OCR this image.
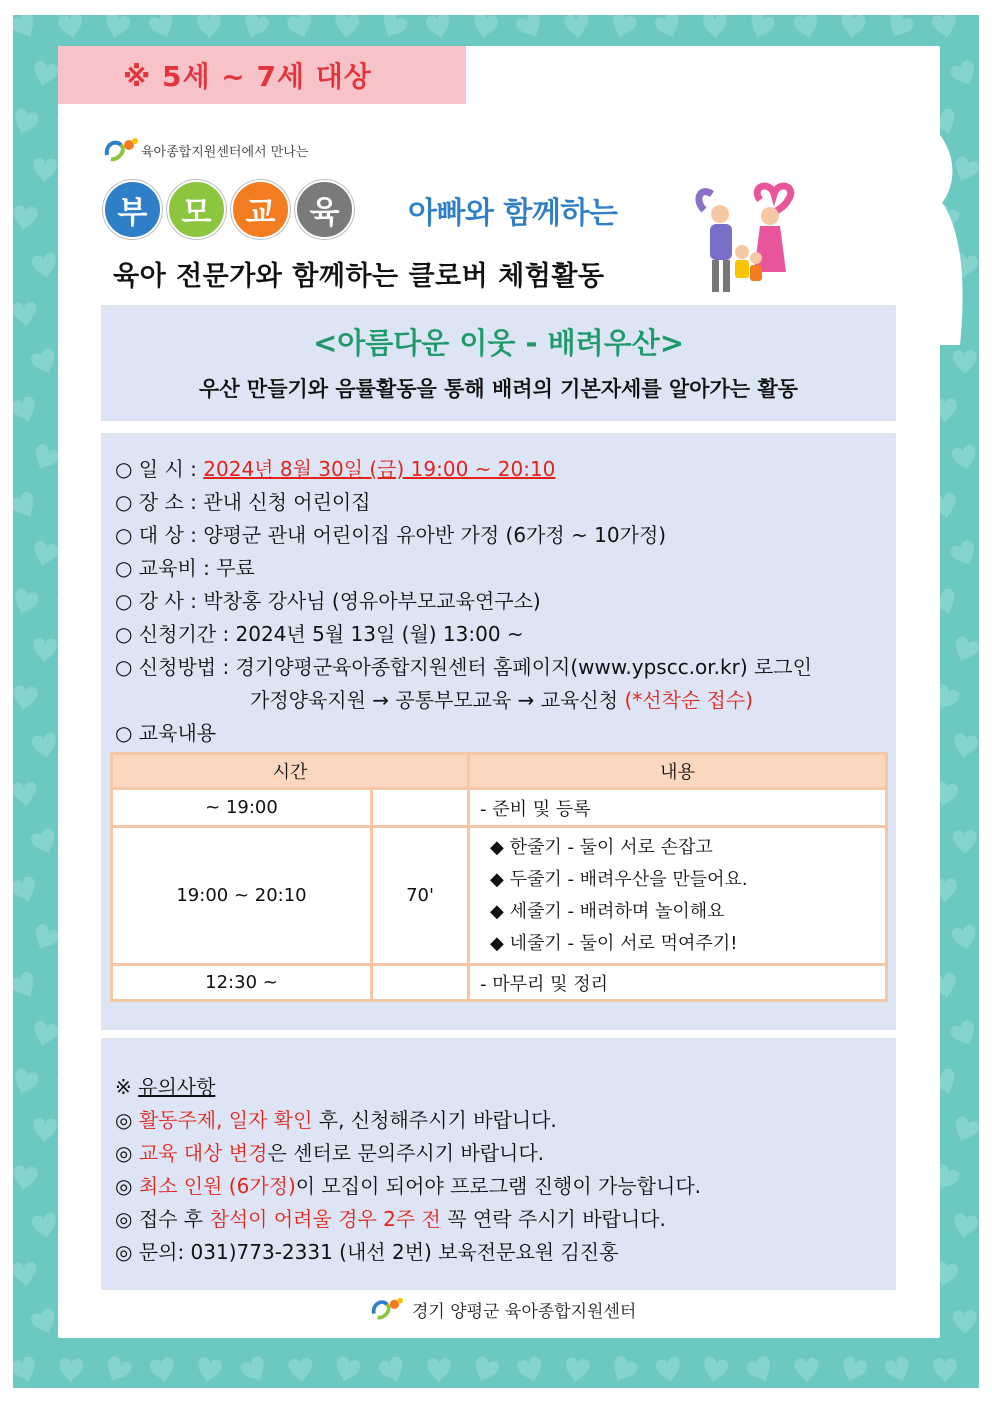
※ 5세 ~ 7세 대상
육아종합지원센터에서 만나는
부	모	교	육	아빠와 함께하는
육아 전문가와 함께하는 클로버 체험활동
<아름다운 이웃 - 배려우산>
우산 만들기와 음률활동을 통해 배려의 기본자세를 알아가는 활동
○ 일 시 : 2024년 8월 30일 (금) 19:00 ~ 20:10
○ 장 소 : 관내 신청 어린이집
○ 대 상 : 양평군 관내 어린이집 유아반 가정 (6가정 ~ 10가정)
○ 교육비 : 무료
○ 강 사 : 박창홍 강사님 (영유아부모교육연구소)
○ 신청기간 : 2024년 5월 13일 (월) 13:00 ~
○ 신청방법 : 경기양평군육아종합지원센터 홈페이지(www.ypscc.or.kr) 로그인
가정양육지원 → 공통부모교육 → 교육신청 (*선착순 접수)
○ 교육내용
시간		내용
~ 19:00		- 준비 및 등록
19:00 ~ 20:10	70'	◆ 한줄기 - 둘이 서로 손잡고
◆ 두줄기 - 배려우산을 만들어요.
◆ 세줄기 - 배려하며 놀이해요
◆ 네줄기 - 둘이 서로 먹여주기!

12:30 ~		- 마무리 및 정리
※ 유의사항
◎ 활동주제, 일자 확인 후, 신청해주시기 바랍니다.
◎ 교육 대상 변경은 센터로 문의주시기 바랍니다.
◎ 최소 인원 (6가정)이 모집이 되어야 프로그램 진행이 가능합니다.
◎ 접수 후 참석이 어려울 경우 2주 전 꼭 연락 주시기 바랍니다.
◎ 문의: 031)773-2331 (내선 2번) 보육전문요원 김진홍
경기 양평군 육아종합지원센터
